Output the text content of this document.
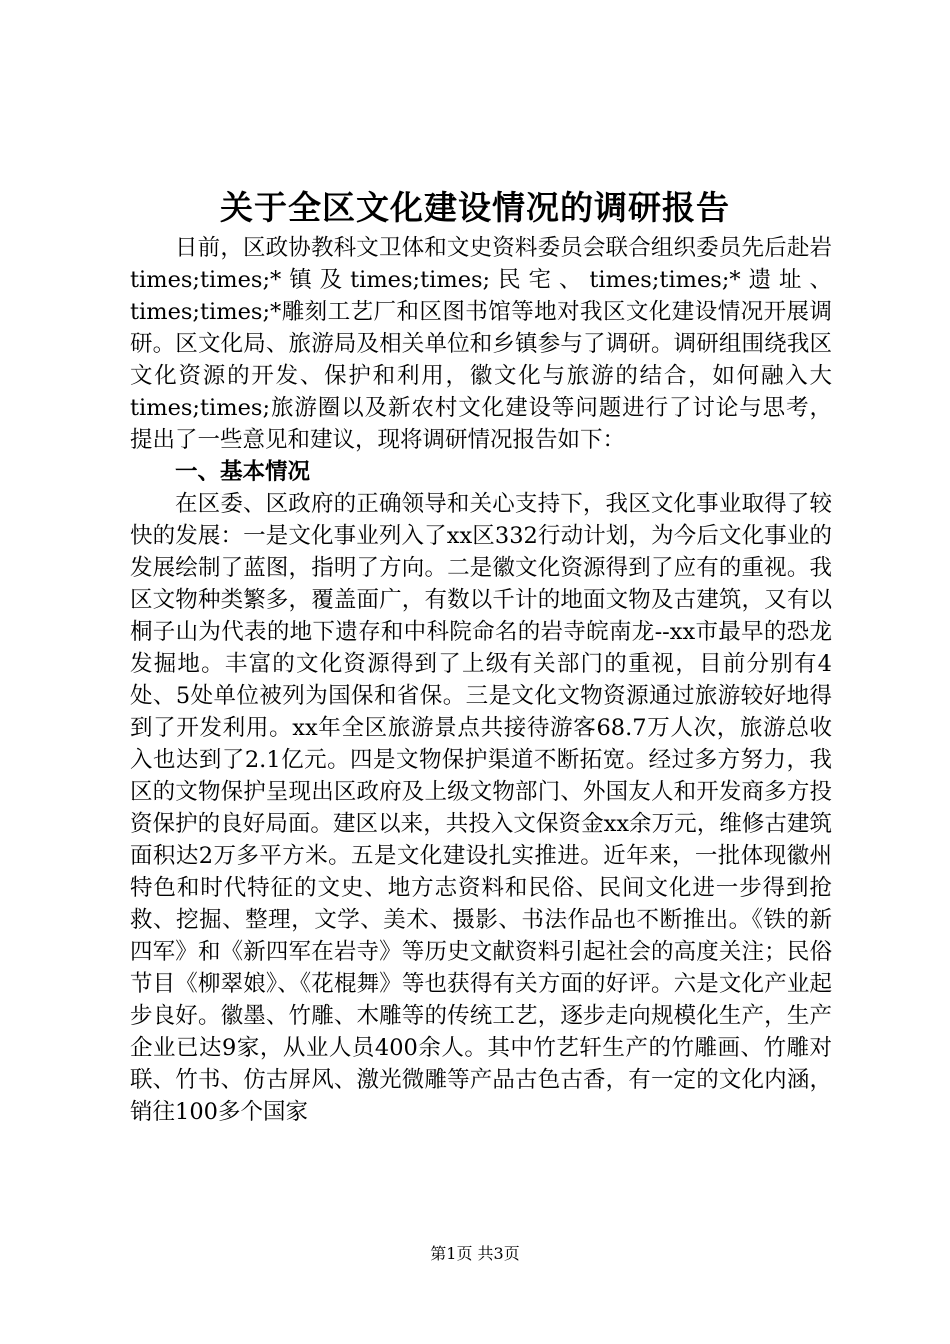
关于全区文化建设情况的调研报告

日前，区政协教科文卫体和文史资料委员会联合组织委员先后赴岩times;times;*镇及times;times;民宅、times;times;*遗址、times;times;*雕刻工艺厂和区图书馆等地对我区文化建设情况开展调研。区文化局、旅游局及相关单位和乡镇参与了调研。调研组围绕我区文化资源的开发、保护和利用，徽文化与旅游的结合，如何融入大times;times;旅游圈以及新农村文化建设等问题进行了讨论与思考，提出了一些意见和建议，现将调研情况报告如下：

一、基本情况

在区委、区政府的正确领导和关心支持下，我区文化事业取得了较快的发展：一是文化事业列入了xx区332行动计划，为今后文化事业的发展绘制了蓝图，指明了方向。二是徽文化资源得到了应有的重视。我区文物种类繁多，覆盖面广，有数以千计的地面文物及古建筑，又有以桐子山为代表的地下遗存和中科院命名的岩寺皖南龙--xx市最早的恐龙发掘地。丰富的文化资源得到了上级有关部门的重视，目前分别有4处、5处单位被列为国保和省保。三是文化文物资源通过旅游较好地得到了开发利用。xx年全区旅游景点共接待游客68.7万人次，旅游总收入也达到了2.1亿元。四是文物保护渠道不断拓宽。经过多方努力，我区的文物保护呈现出区政府及上级文物部门、外国友人和开发商多方投资保护的良好局面。建区以来，共投入文保资金xx余万元，维修古建筑面积达2万多平方米。五是文化建设扎实推进。近年来，一批体现徽州特色和时代特征的文史、地方志资料和民俗、民间文化进一步得到抢救、挖掘、整理，文学、美术、摄影、书法作品也不断推出。《铁的新四军》和《新四军在岩寺》等历史文献资料引起社会的高度关注；民俗节目《柳翠娘》、《花棍舞》等也获得有关方面的好评。六是文化产业起步良好。徽墨、竹雕、木雕等的传统工艺，逐步走向规模化生产，生产企业已达9家，从业人员400余人。其中竹艺轩生产的竹雕画、竹雕对联、竹书、仿古屏风、激光微雕等产品古色古香，有一定的文化内涵，销往100多个国家

第1页 共3页
